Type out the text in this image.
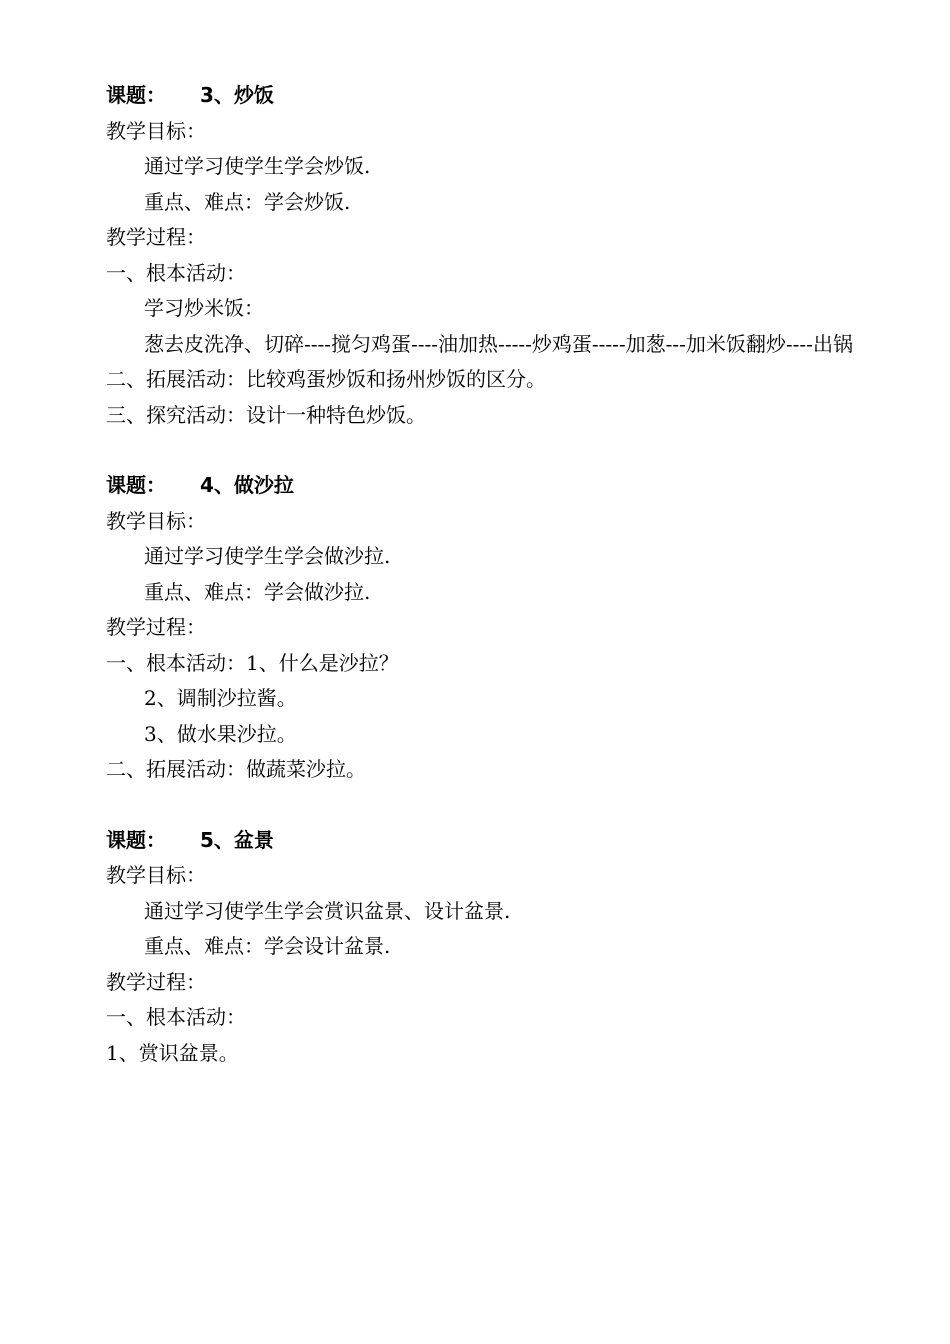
课题： 3、炒饭

教学目标：

通过学习使学生学会炒饭.

重点、难点：学会炒饭.

教学过程：

一、根本活动：

学习炒米饭：

葱去皮洗净、切碎----搅匀鸡蛋----油加热-----炒鸡蛋-----加葱---加米饭翻炒----出锅

二、拓展活动：比较鸡蛋炒饭和扬州炒饭的区分。

三、探究活动：设计一种特色炒饭。

课题： 4、做沙拉

教学目标：

通过学习使学生学会做沙拉.

重点、难点：学会做沙拉.

教学过程：

一、根本活动：1、什么是沙拉？

2、调制沙拉酱。

3、做水果沙拉。

二、拓展活动：做蔬菜沙拉。

课题： 5、盆景

教学目标：

通过学习使学生学会赏识盆景、设计盆景.

重点、难点：学会设计盆景.

教学过程：

一、根本活动：

1、赏识盆景。
